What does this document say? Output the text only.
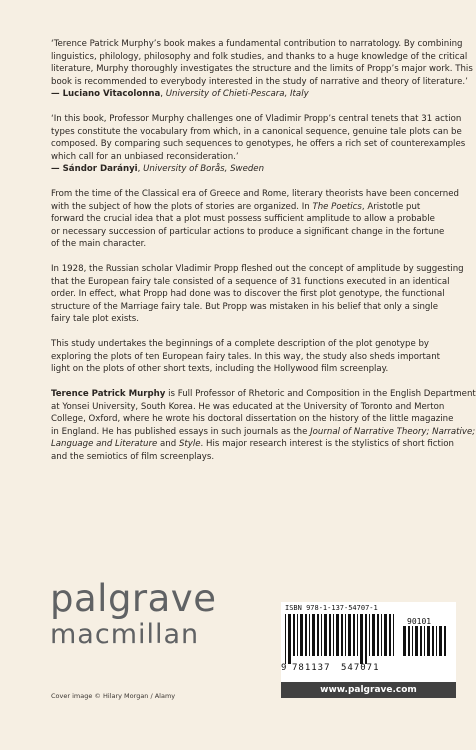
‘Terence Patrick Murphy’s book makes a fundamental contribution to narratology. By combining
linguistics, philology, philosophy and folk studies, and thanks to a huge knowledge of the critical
literature, Murphy thoroughly investigates the structure and the limits of Propp’s major work. This
book is recommended to everybody interested in the study of narrative and theory of literature.’
— Luciano Vitacolonna, University of Chieti-Pescara, Italy
‘In this book, Professor Murphy challenges one of Vladimir Propp’s central tenets that 31 action
types constitute the vocabulary from which, in a canonical sequence, genuine tale plots can be
composed. By comparing such sequences to genotypes, he offers a rich set of counterexamples
which call for an unbiased reconsideration.’
— Sándor Darányi, University of Borås, Sweden
From the time of the Classical era of Greece and Rome, literary theorists have been concerned
with the subject of how the plots of stories are organized. In The Poetics, Aristotle put
forward the crucial idea that a plot must possess sufficient amplitude to allow a probable
or necessary succession of particular actions to produce a significant change in the fortune
of the main character.
In 1928, the Russian scholar Vladimir Propp fleshed out the concept of amplitude by suggesting
that the European fairy tale consisted of a sequence of 31 functions executed in an identical
order. In effect, what Propp had done was to discover the first plot genotype, the functional
structure of the Marriage fairy tale. But Propp was mistaken in his belief that only a single
fairy tale plot exists.
This study undertakes the beginnings of a complete description of the plot genotype by
exploring the plots of ten European fairy tales. In this way, the study also sheds important
light on the plots of other short texts, including the Hollywood film screenplay.
Terence Patrick Murphy is Full Professor of Rhetoric and Composition in the English Department
at Yonsei University, South Korea. He was educated at the University of Toronto and Merton
College, Oxford, where he wrote his doctoral dissertation on the history of the little magazine
in England. He has published essays in such journals as the Journal of Narrative Theory; Narrative;
Language and Literature and Style. His major research interest is the stylistics of short fiction
and the semiotics of film screenplays.
palgrave
macmillan
Cover image © Hilary Morgan / Alamy
ISBN 978-1-137-54707-1
90101
9 781137 547071
www.palgrave.com
